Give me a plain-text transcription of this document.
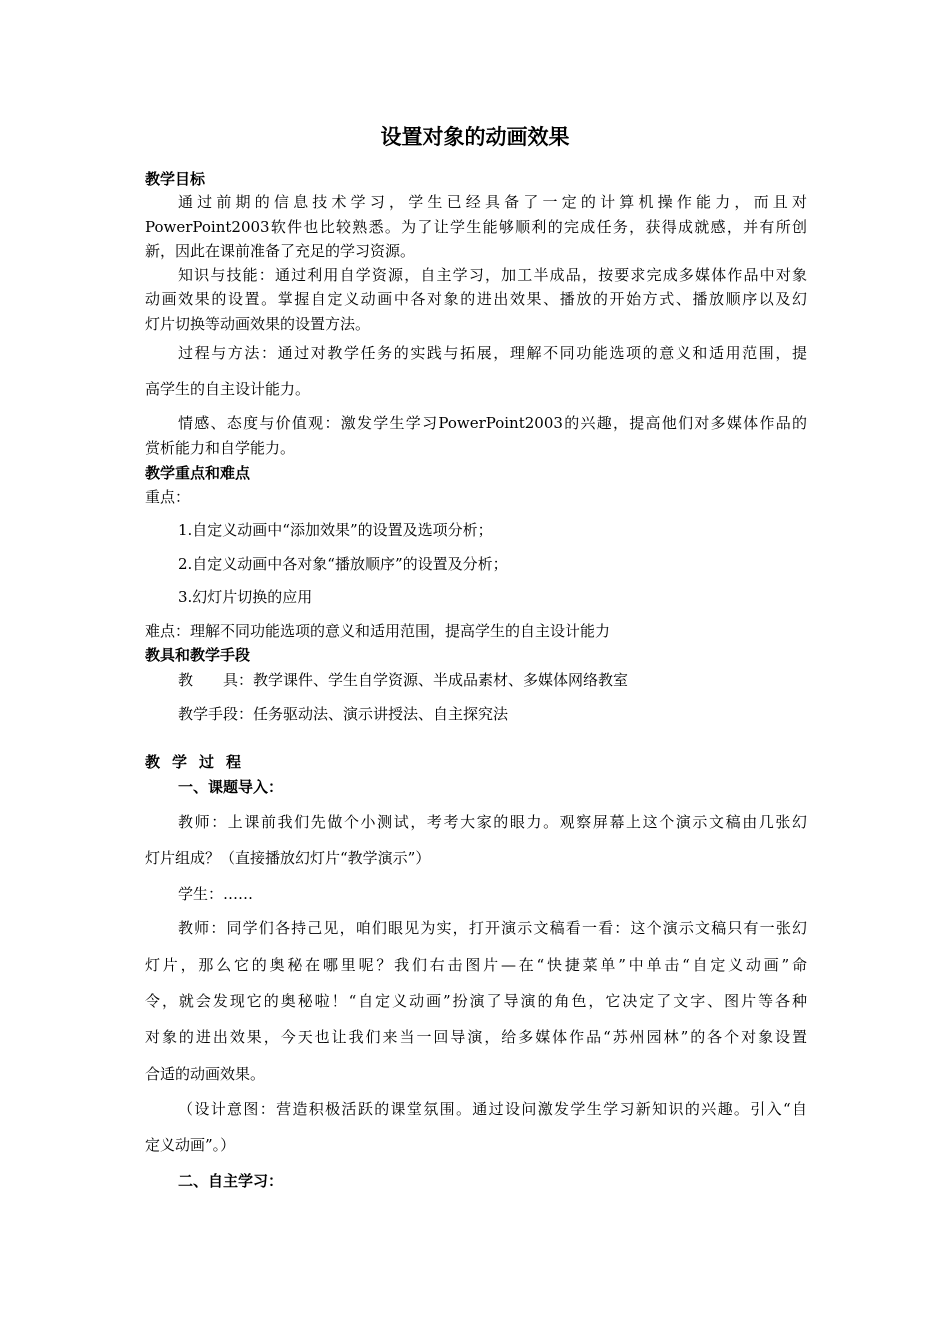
设置对象的动画效果
教学目标
通过前期的信息技术学习，学生已经具备了一定的计算机操作能力，而且对
PowerPoint2003软件也比较熟悉。为了让学生能够顺利的完成任务，获得成就感，并有所创
新，因此在课前准备了充足的学习资源。
知识与技能：通过利用自学资源，自主学习，加工半成品，按要求完成多媒体作品中对象
动画效果的设置。掌握自定义动画中各对象的进出效果、播放的开始方式、播放顺序以及幻
灯片切换等动画效果的设置方法。
过程与方法：通过对教学任务的实践与拓展，理解不同功能选项的意义和适用范围，提
高学生的自主设计能力。
情感、态度与价值观：激发学生学习PowerPoint2003的兴趣，提高他们对多媒体作品的
赏析能力和自学能力。
教学重点和难点
重点：
1.自定义动画中“添加效果”的设置及选项分析；
2.自定义动画中各对象“播放顺序”的设置及分析；
3.幻灯片切换的应用
难点：理解不同功能选项的意义和适用范围，提高学生的自主设计能力
教具和教学手段
教　　具：教学课件、学生自学资源、半成品素材、多媒体网络教室
教学手段：任务驱动法、演示讲授法、自主探究法
教学过程
一、课题导入：
教师：上课前我们先做个小测试，考考大家的眼力。观察屏幕上这个演示文稿由几张幻
灯片组成？（直接播放幻灯片“教学演示”）
学生：……
教师：同学们各持己见，咱们眼见为实，打开演示文稿看一看：这个演示文稿只有一张幻
灯片，那么它的奥秘在哪里呢？我们右击图片—在“快捷菜单”中单击“自定义动画”命
令，就会发现它的奥秘啦！“自定义动画”扮演了导演的角色，它决定了文字、图片等各种
对象的进出效果，今天也让我们来当一回导演，给多媒体作品“苏州园林”的各个对象设置
合适的动画效果。
（设计意图：营造积极活跃的课堂氛围。通过设问激发学生学习新知识的兴趣。引入“自
定义动画”。）
二、自主学习：
